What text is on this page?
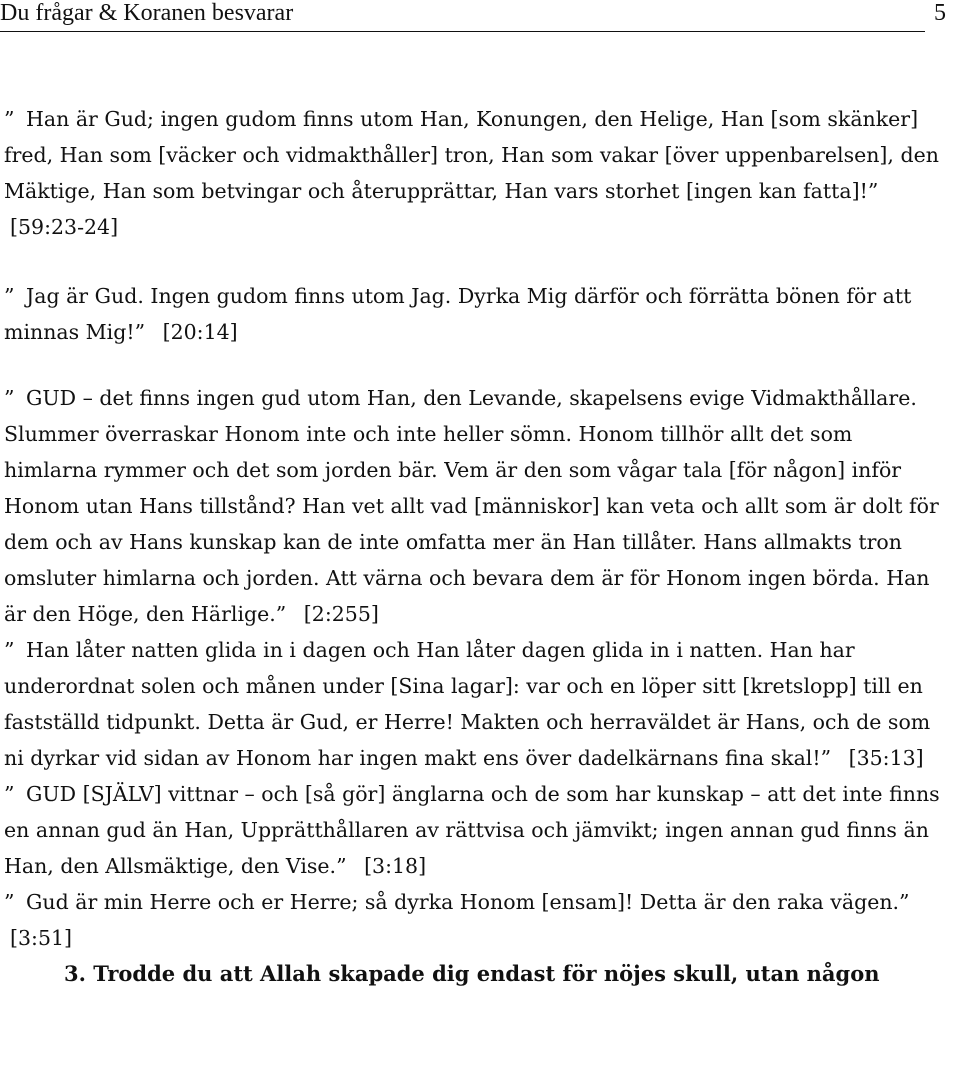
Du frågar & Koranen besvarar	5

” Han är Gud; ingen gudom finns utom Han, Konungen, den Helige, Han [som skänker] fred, Han som [väcker och vidmakthåller] tron, Han som vakar [över uppenbarelsen], den Mäktige, Han som betvingar och återupprättar, Han vars storhet [ingen kan fatta]!”[59:23-24]

” Jag är Gud. Ingen gudom finns utom Jag. Dyrka Mig därför och förrätta bönen för att minnas Mig!” [20:14]

” GUD – det finns ingen gud utom Han, den Levande, skapelsens evige Vidmakthållare. Slummer överraskar Honom inte och inte heller sömn. Honom tillhör allt det som himlarna rymmer och det som jorden bär. Vem är den som vågar tala [för någon] inför Honom utan Hans tillstånd? Han vet allt vad [människor] kan veta och allt som är dolt för dem och av Hans kunskap kan de inte omfatta mer än Han tillåter. Hans allmakts tron omsluter himlarna och jorden. Att värna och bevara dem är för Honom ingen börda. Han är den Höge, den Härlige.” [2:255]

” Han låter natten glida in i dagen och Han låter dagen glida in i natten. Han har underordnat solen och månen under [Sina lagar]: var och en löper sitt [kretslopp] till en fastställd tidpunkt. Detta är Gud, er Herre! Makten och herraväldet är Hans, och de som ni dyrkar vid sidan av Honom har ingen makt ens över dadelkärnans fina skal!” [35:13]

” GUD [SJÄLV] vittnar – och [så gör] änglarna och de som har kunskap – att det inte finns en annan gud än Han, Upprätthållaren av rättvisa och jämvikt; ingen annan gud finns än Han, den Allsmäktige, den Vise.” [3:18]

” Gud är min Herre och er Herre; så dyrka Honom [ensam]! Detta är den raka vägen.”[3:51]

3. Trodde du att Allah skapade dig endast för nöjes skull, utan någon
